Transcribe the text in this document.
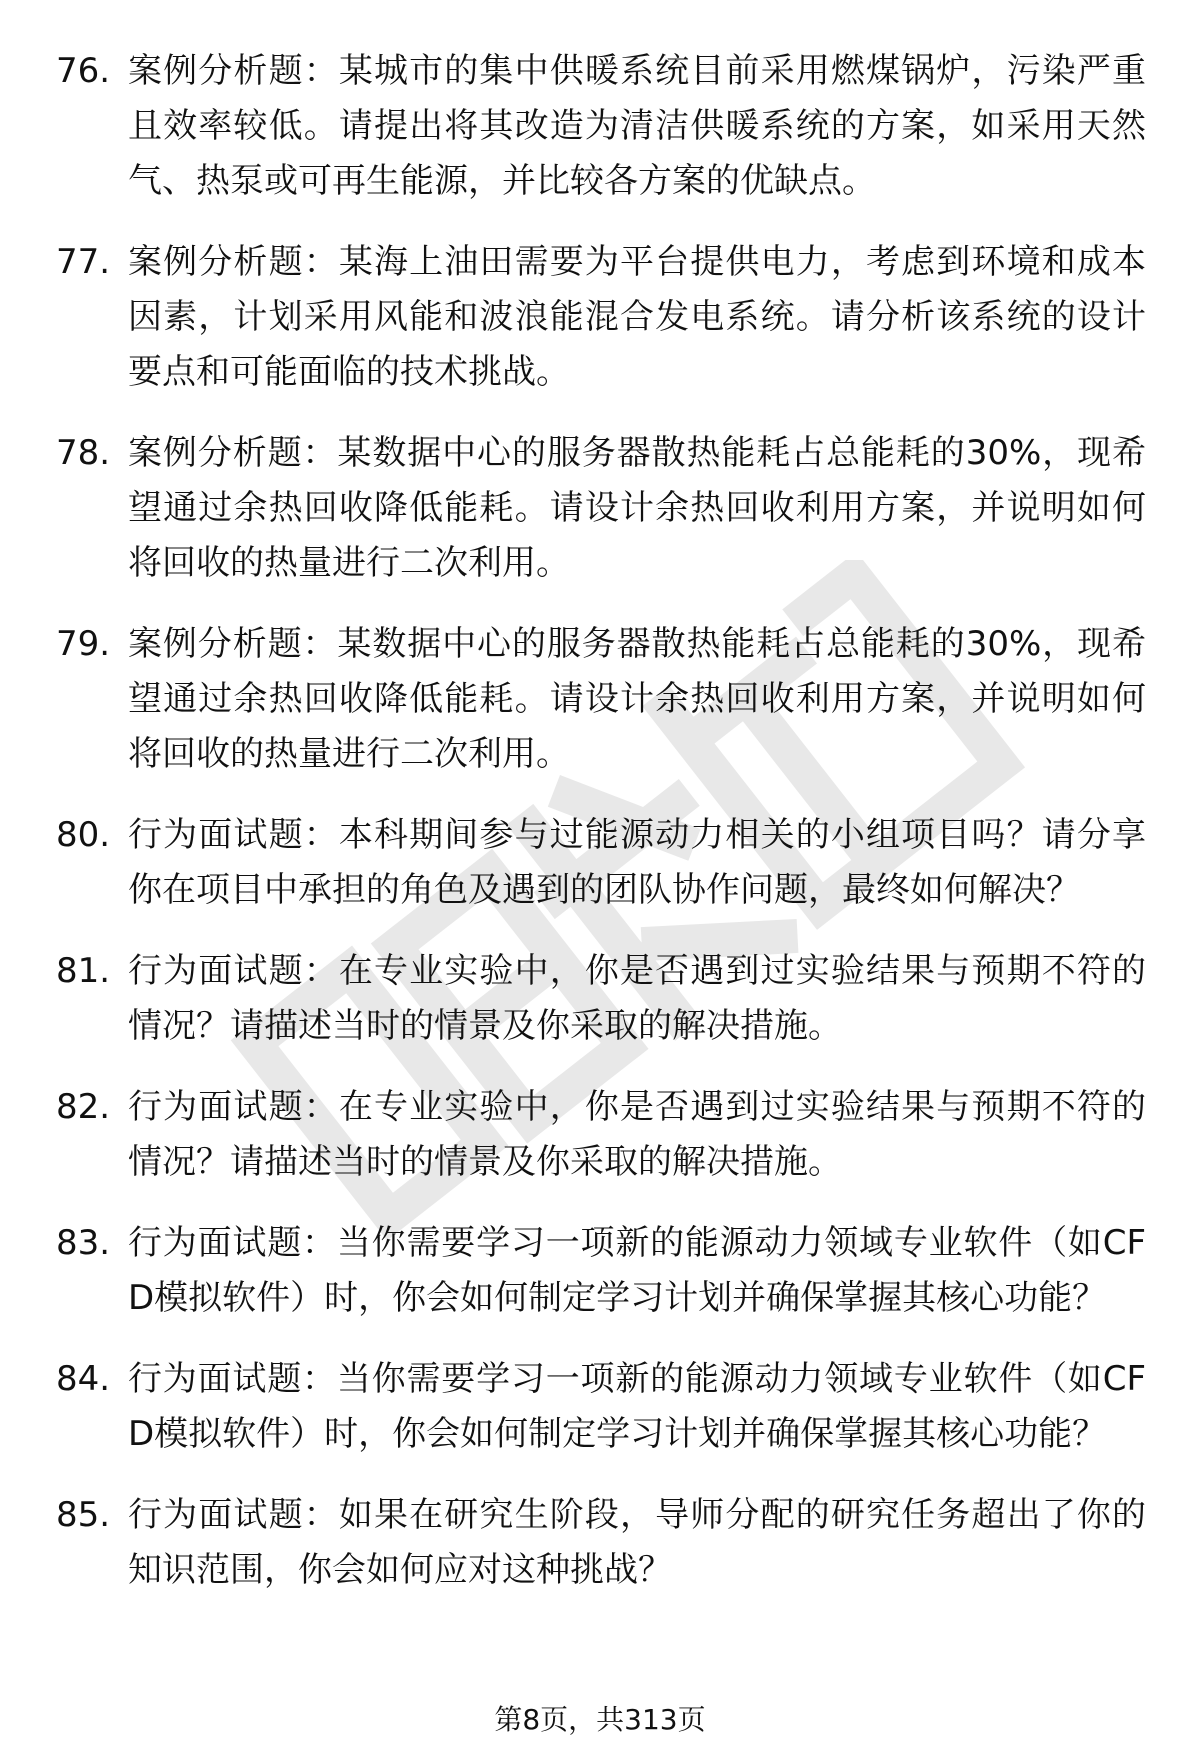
76. 案例分析题：某城市的集中供暖系统目前采用燃煤锅炉，污染严重且效率较低。请提出将其改造为清洁供暖系统的方案，如采用天然气、热泵或可再生能源，并比较各方案的优缺点。
77. 案例分析题：某海上油田需要为平台提供电力，考虑到环境和成本因素，计划采用风能和波浪能混合发电系统。请分析该系统的设计要点和可能面临的技术挑战。
78. 案例分析题：某数据中心的服务器散热能耗占总能耗的30%，现希望通过余热回收降低能耗。请设计余热回收利用方案，并说明如何将回收的热量进行二次利用。
79. 案例分析题：某数据中心的服务器散热能耗占总能耗的30%，现希望通过余热回收降低能耗。请设计余热回收利用方案，并说明如何将回收的热量进行二次利用。
80. 行为面试题：本科期间参与过能源动力相关的小组项目吗？请分享你在项目中承担的角色及遇到的团队协作问题，最终如何解决？
81. 行为面试题：在专业实验中，你是否遇到过实验结果与预期不符的情况？请描述当时的情景及你采取的解决措施。
82. 行为面试题：在专业实验中，你是否遇到过实验结果与预期不符的情况？请描述当时的情景及你采取的解决措施。
83. 行为面试题：当你需要学习一项新的能源动力领域专业软件（如CFD模拟软件）时，你会如何制定学习计划并确保掌握其核心功能？
84. 行为面试题：当你需要学习一项新的能源动力领域专业软件（如CFD模拟软件）时，你会如何制定学习计划并确保掌握其核心功能？
85. 行为面试题：如果在研究生阶段，导师分配的研究任务超出了你的知识范围，你会如何应对这种挑战？
第8页，共313页
